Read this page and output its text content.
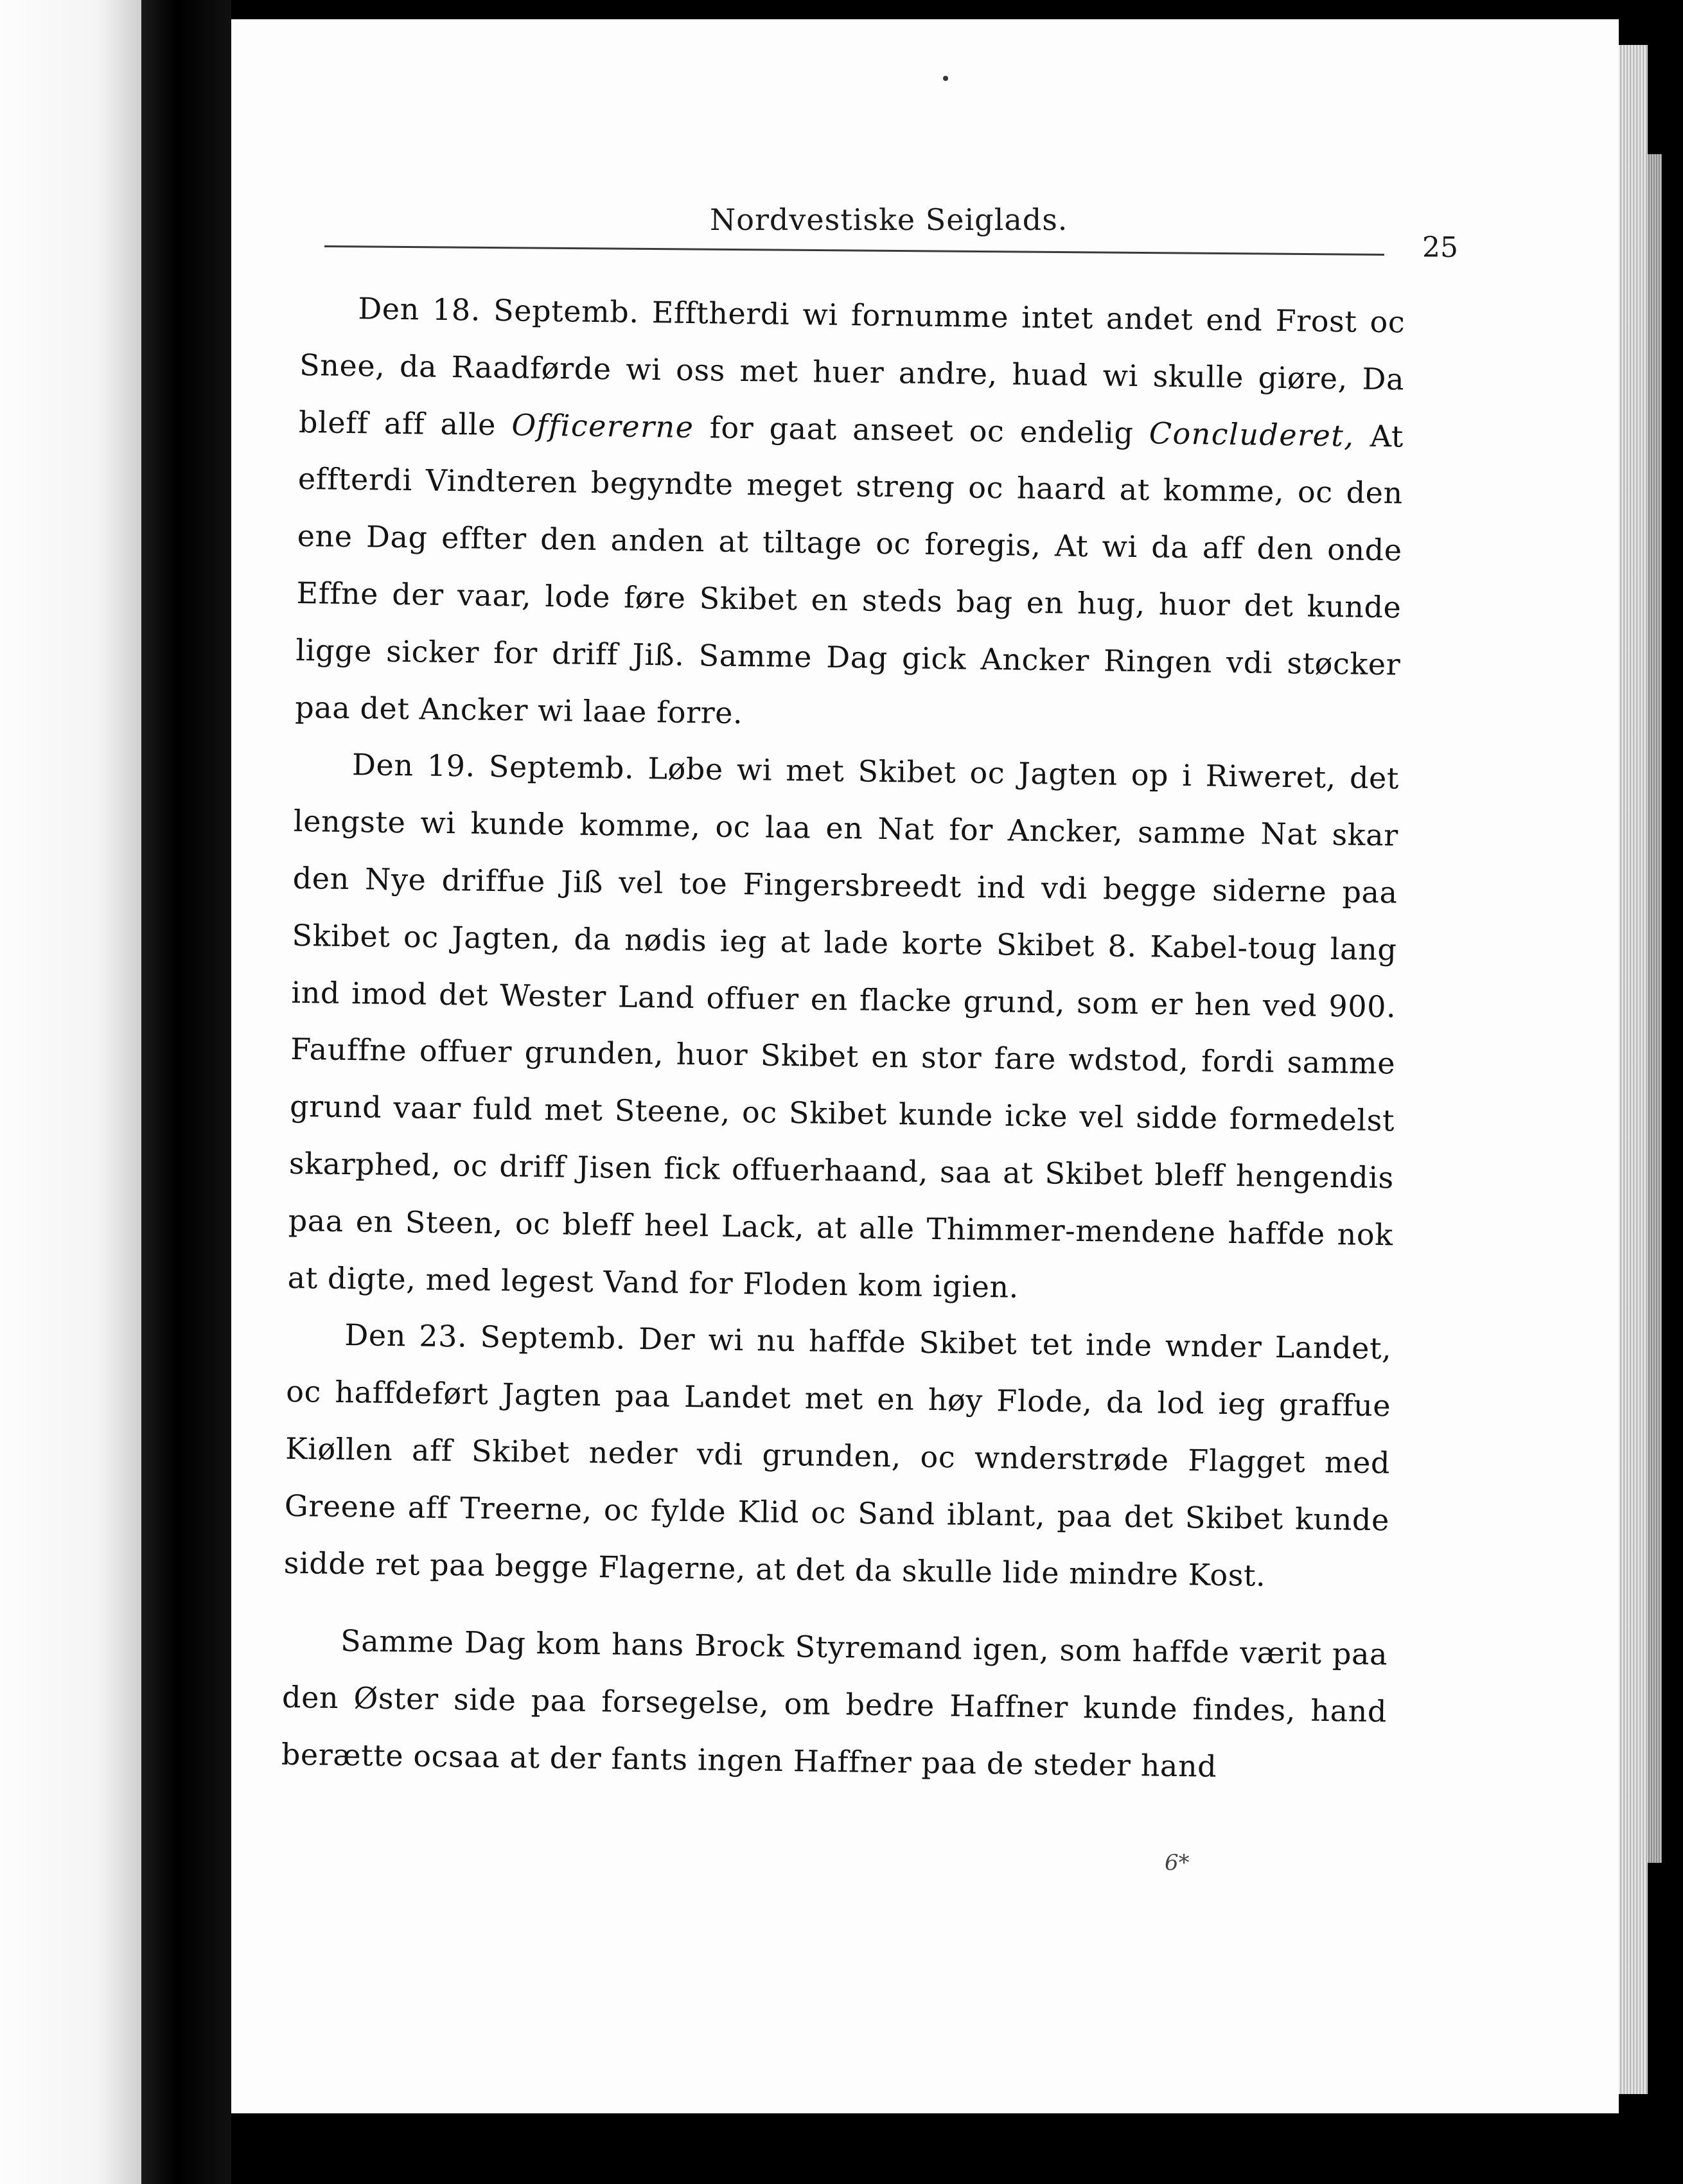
Nordvestiske Seiglads.
25

Den 18. Septemb. Efftherdi wi fornumme intet andet end Frost oc Snee, da Raadførde wi oss met huer andre, huad wi skulle giøre, Da bleff aff alle Officererne for gaat anseet oc endelig Concluderet, At effterdi Vindteren begyndte meget streng oc haard at komme, oc den ene Dag effter den anden at tiltage oc foregis, At wi da aff den onde Effne der vaar, lode føre Skibet en steds bag en hug, huor det kunde ligge sicker for driff Jiß. Samme Dag gick Ancker Ringen vdi støcker paa det Ancker wi laae forre.

Den 19. Septemb. Løbe wi met Skibet oc Jagten op i Riweret, det lengste wi kunde komme, oc laa en Nat for Ancker, samme Nat skar den Nye driffue Jiß vel toe Fingersbreedt ind vdi begge siderne paa Skibet oc Jagten, da nødis ieg at lade korte Skibet 8. Kabel-toug lang ind imod det Wester Land offuer en flacke grund, som er hen ved 900. Fauffne offuer grunden, huor Skibet en stor fare wdstod, fordi samme grund vaar fuld met Steene, oc Skibet kunde icke vel sidde formedelst skarphed, oc driff Jisen fick offuerhaand, saa at Skibet bleff hengendis paa en Steen, oc bleff heel Lack, at alle Thimmer-mendene haffde nok at digte, med legest Vand for Floden kom igien.

Den 23. Septemb. Der wi nu haffde Skibet tet inde wnder Landet, oc haffdeført Jagten paa Landet met en høy Flode, da lod ieg graffue Kiøllen aff Skibet neder vdi grunden, oc wnderstrøde Flagget med Greene aff Treerne, oc fylde Klid oc Sand iblant, paa det Skibet kunde sidde ret paa begge Flagerne, at det da skulle lide mindre Kost.

Samme Dag kom hans Brock Styremand igen, som haffde værit paa den Øster side paa forsegelse, om bedre Haffner kunde findes, hand berætte ocsaa at der fants ingen Haffner paa de steder hand

6*
